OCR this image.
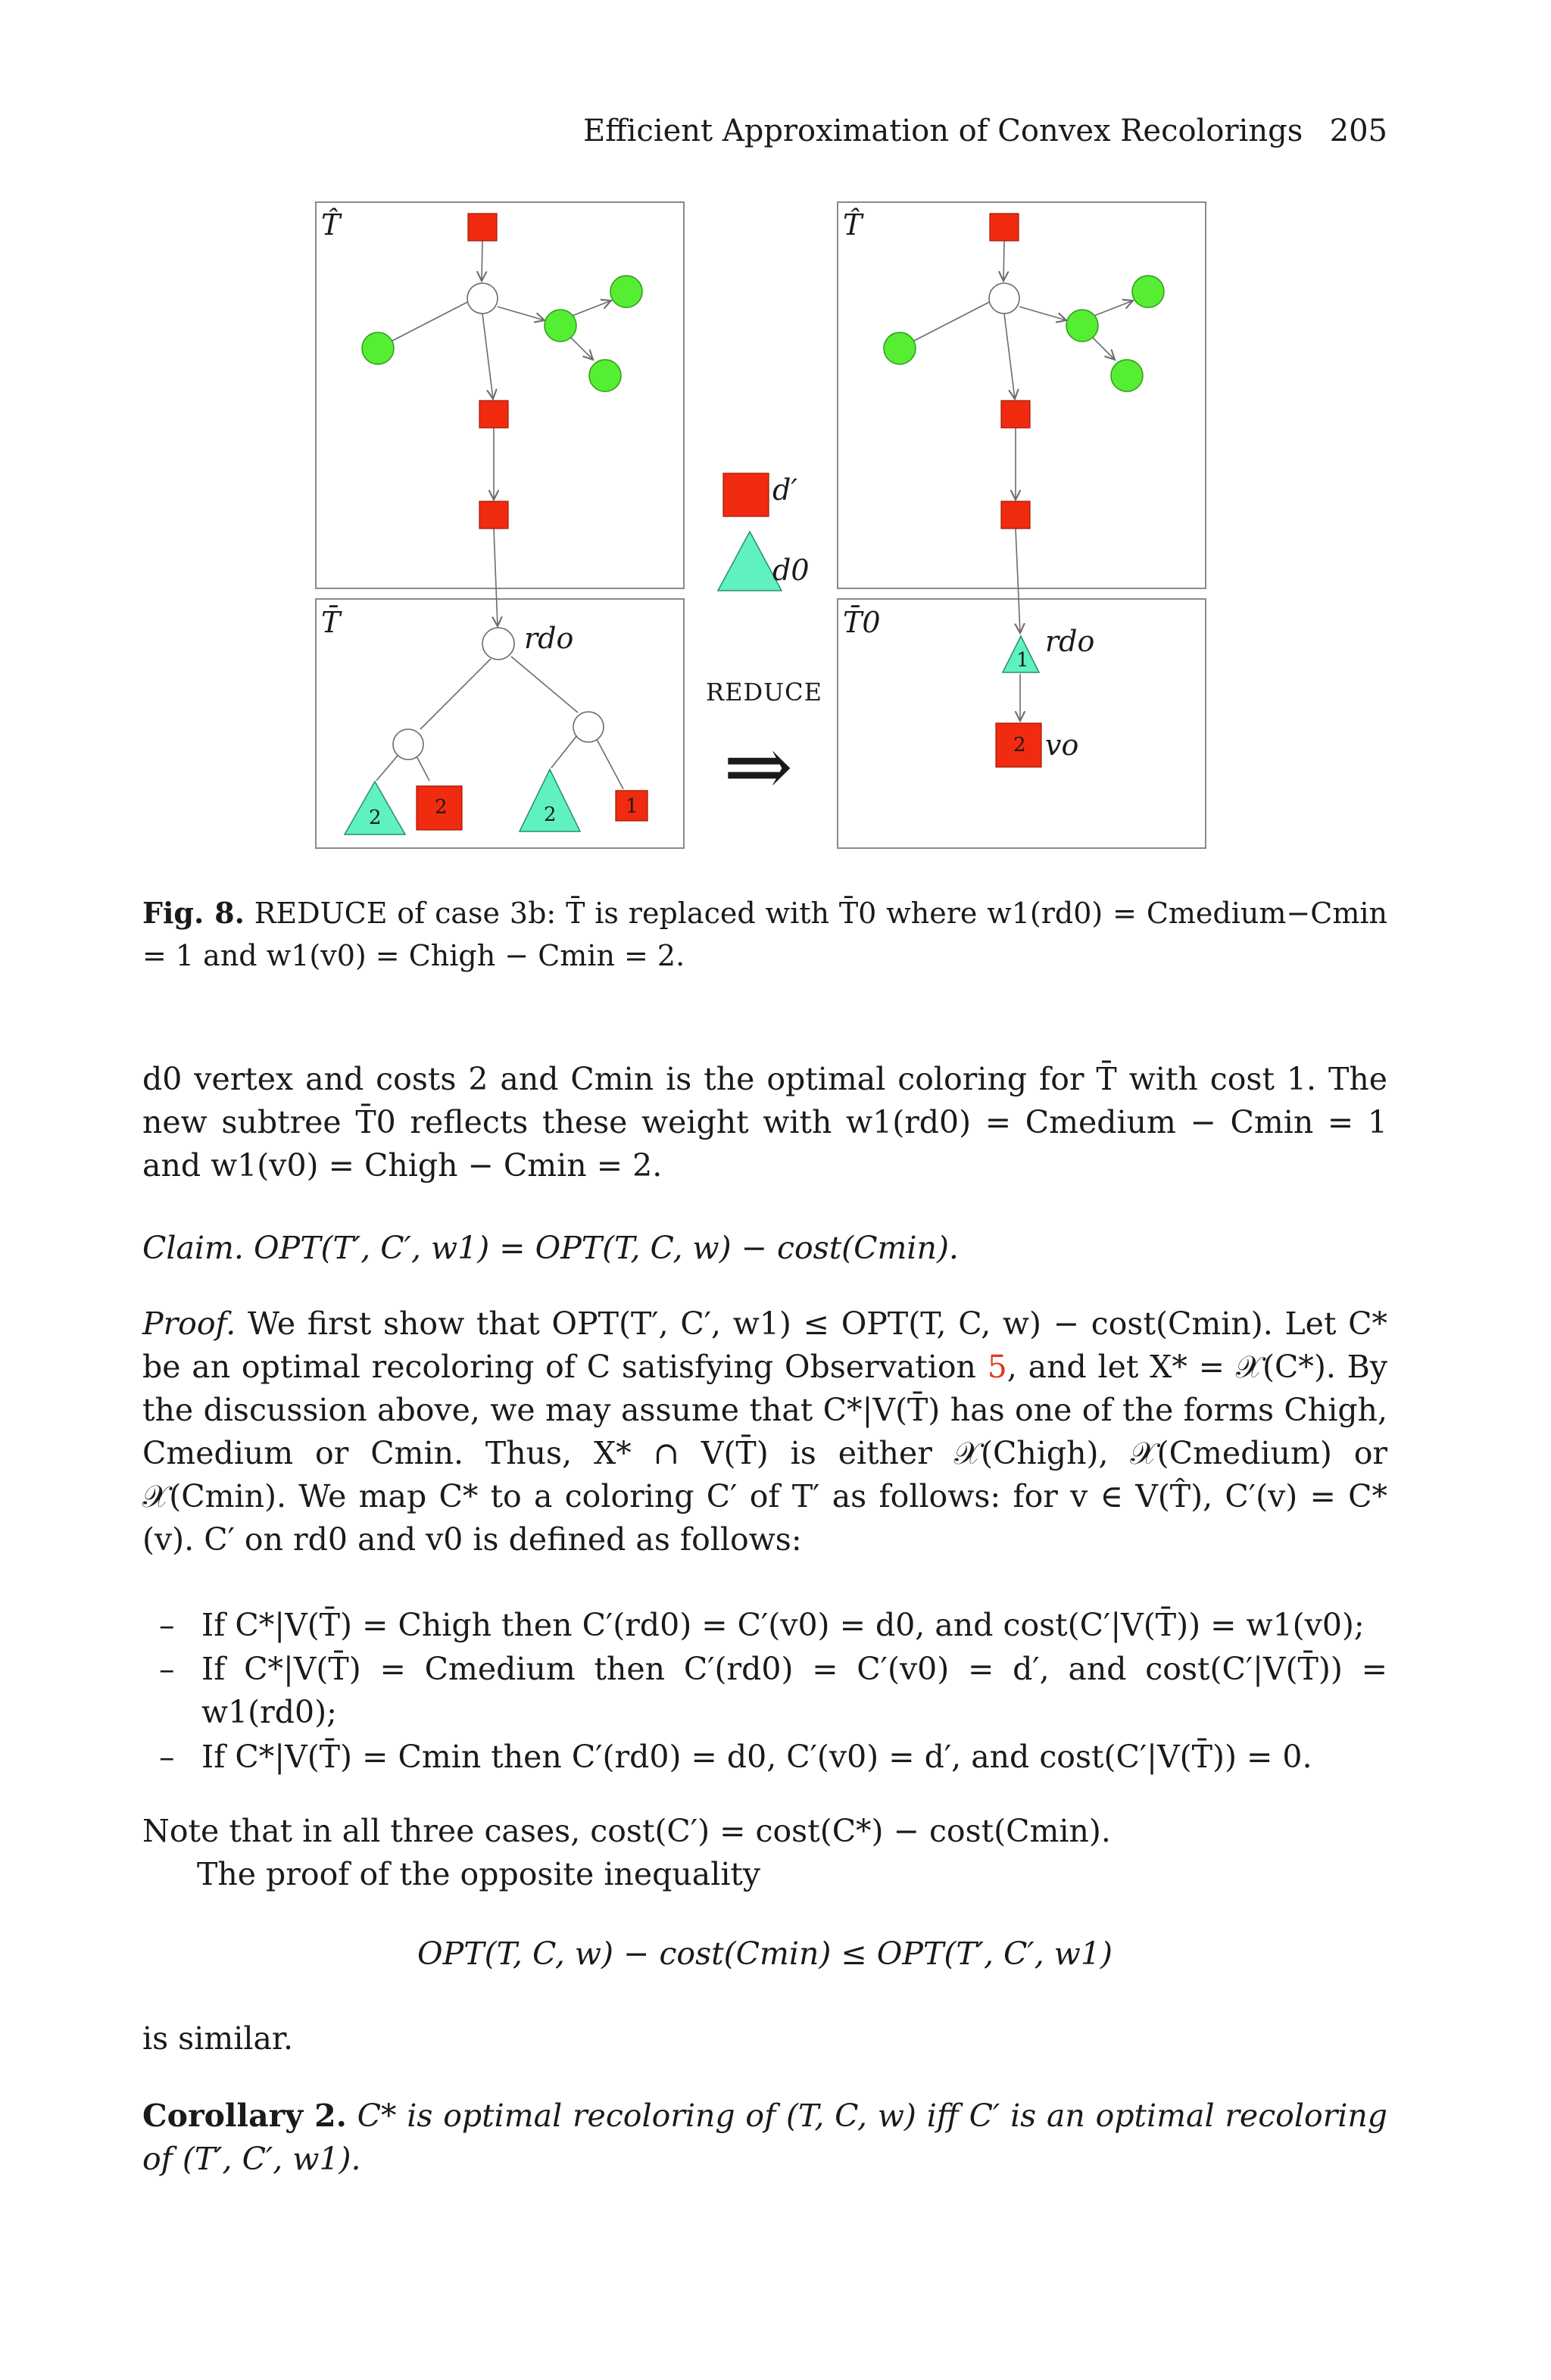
Efficient Approximation of Convex Recolorings 205
T̂
T̄	rdo
2	2	2	1
d′
d0
REDUCE
⇒
T̂
T̄0
1
rdo
2 vo
Fig. 8. REDUCE of case 3b: T̄ is replaced with T̄0 where w1(rd0) = Cmedium−Cmin = 1 and w1(v0) = Chigh − Cmin = 2.
d0 vertex and costs 2 and Cmin is the optimal coloring for T̄ with cost 1. The new subtree T̄0 reflects these weight with w1(rd0) = Cmedium − Cmin = 1 and w1(v0) = Chigh − Cmin = 2.
Claim. OPT(T′, C′, w1) = OPT(T, C, w) − cost(Cmin).
Proof. We first show that OPT(T′, C′, w1) ≤ OPT(T, C, w) − cost(Cmin). Let C* be an optimal recoloring of C satisfying Observation 5, and let X* = 𝒳(C*). By the discussion above, we may assume that C*|V(T̄) has one of the forms Chigh, Cmedium or Cmin. Thus, X* ∩ V(T̄) is either 𝒳(Chigh), 𝒳(Cmedium) or 𝒳(Cmin). We map C* to a coloring C′ of T′ as follows: for v ∈ V(T̂), C′(v) = C*(v). C′ on rd0 and v0 is defined as follows:
– If C*|V(T̄) = Chigh then C′(rd0) = C′(v0) = d0, and cost(C′|V(T̄)) = w1(v0);
– If C*|V(T̄) = Cmedium then C′(rd0) = C′(v0) = d′, and cost(C′|V(T̄)) = w1(rd0);
– If C*|V(T̄) = Cmin then C′(rd0) = d0, C′(v0) = d′, and cost(C′|V(T̄)) = 0.
Note that in all three cases, cost(C′) = cost(C*) − cost(Cmin).
The proof of the opposite inequality
OPT(T, C, w) − cost(Cmin) ≤ OPT(T′, C′, w1)
is similar.
Corollary 2. C* is optimal recoloring of (T, C, w) iff C′ is an optimal recoloring of (T′, C′, w1).
